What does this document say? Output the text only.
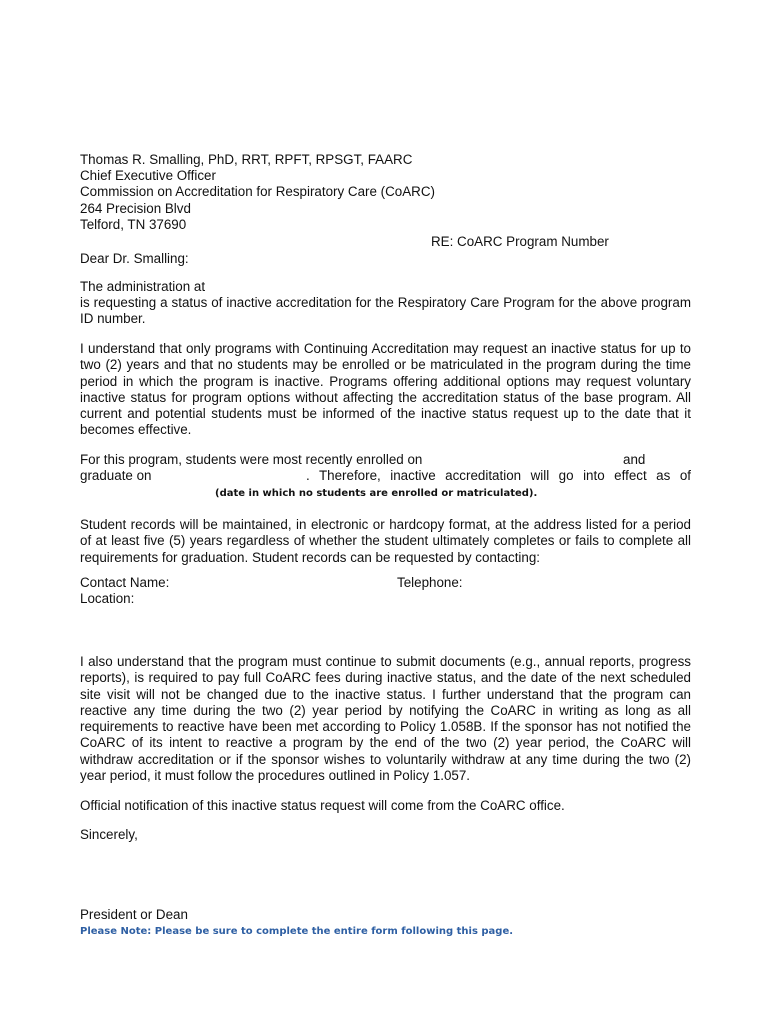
Thomas R. Smalling, PhD, RRT, RPFT, RPSGT, FAARC
Chief Executive Officer
Commission on Accreditation for Respiratory Care (CoARC)
264 Precision Blvd
Telford, TN 37690
RE: CoARC Program Number
Dear Dr. Smalling:
The administration at
is requesting a status of inactive accreditation for the Respiratory Care Program for the above program ID number.
I understand that only programs with Continuing Accreditation may request an inactive status for up to two (2) years and that no students may be enrolled or be matriculated in the program during the time period in which the program is inactive. Programs offering additional options may request voluntary inactive status for program options without affecting the accreditation status of the base program. All current and potential students must be informed of the inactive status request up to the date that it becomes effective.
For this program, students were most recently enrolled on	and
graduate on	. Therefore, inactive accreditation will go into effect as of
(date in which no students are enrolled or matriculated).
Student records will be maintained, in electronic or hardcopy format, at the address listed for a period of at least five (5) years regardless of whether the student ultimately completes or fails to complete all requirements for graduation. Student records can be requested by contacting:
Contact Name:	Telephone:
Location:
I also understand that the program must continue to submit documents (e.g., annual reports, progress reports), is required to pay full CoARC fees during inactive status, and the date of the next scheduled site visit will not be changed due to the inactive status. I further understand that the program can reactive any time during the two (2) year period by notifying the CoARC in writing as long as all requirements to reactive have been met according to Policy 1.058B. If the sponsor has not notified the CoARC of its intent to reactive a program by the end of the two (2) year period, the CoARC will withdraw accreditation or if the sponsor wishes to voluntarily withdraw at any time during the two (2) year period, it must follow the procedures outlined in Policy 1.057.
Official notification of this inactive status request will come from the CoARC office.
Sincerely,
President or Dean
Please Note: Please be sure to complete the entire form following this page.
